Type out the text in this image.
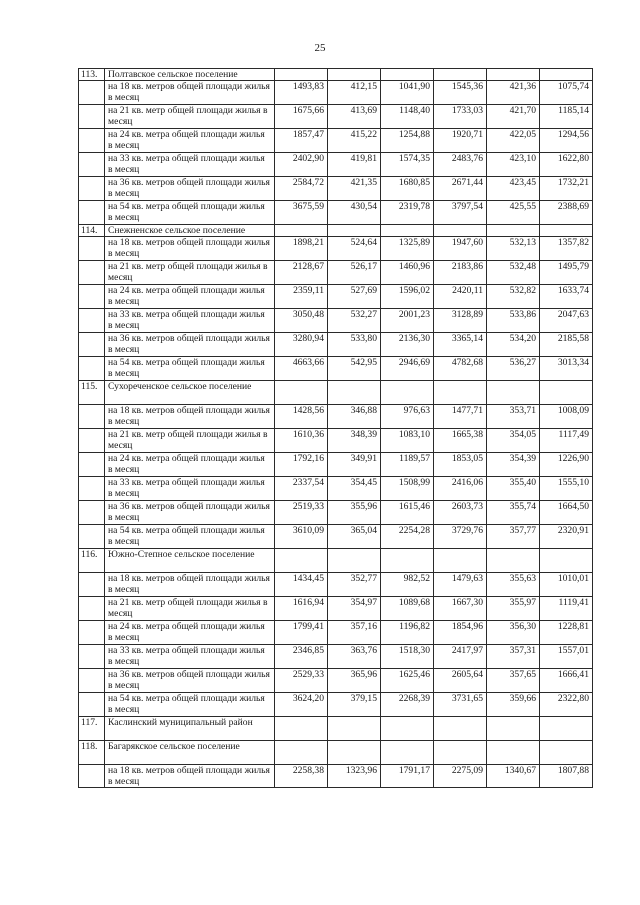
25
113.	Полтавское сельское поселение						
	на 18 кв. метров общей площади жилья в месяц	1493,83	412,15	1041,90	1545,36	421,36	1075,74
	на 21 кв. метр общей площади жилья в месяц	1675,66	413,69	1148,40	1733,03	421,70	1185,14
	на 24 кв. метра общей площади жилья в месяц	1857,47	415,22	1254,88	1920,71	422,05	1294,56
	на 33 кв. метра общей площади жилья в месяц	2402,90	419,81	1574,35	2483,76	423,10	1622,80
	на 36 кв. метров общей площади жилья в месяц	2584,72	421,35	1680,85	2671,44	423,45	1732,21
	на 54 кв. метра общей площади жилья в месяц	3675,59	430,54	2319,78	3797,54	425,55	2388,69
114.	Снежненское сельское поселение						
	на 18 кв. метров общей площади жилья в месяц	1898,21	524,64	1325,89	1947,60	532,13	1357,82
	на 21 кв. метр общей площади жилья в месяц	2128,67	526,17	1460,96	2183,86	532,48	1495,79
	на 24 кв. метра общей площади жилья в месяц	2359,11	527,69	1596,02	2420,11	532,82	1633,74
	на 33 кв. метра общей площади жилья в месяц	3050,48	532,27	2001,23	3128,89	533,86	2047,63
	на 36 кв. метров общей площади жилья в месяц	3280,94	533,80	2136,30	3365,14	534,20	2185,58
	на 54 кв. метра общей площади жилья в месяц	4663,66	542,95	2946,69	4782,68	536,27	3013,34
115.	Сухореченское сельское поселение						
	на 18 кв. метров общей площади жилья в месяц	1428,56	346,88	976,63	1477,71	353,71	1008,09
	на 21 кв. метр общей площади жилья в месяц	1610,36	348,39	1083,10	1665,38	354,05	1117,49
	на 24 кв. метра общей площади жилья в месяц	1792,16	349,91	1189,57	1853,05	354,39	1226,90
	на 33 кв. метра общей площади жилья в месяц	2337,54	354,45	1508,99	2416,06	355,40	1555,10
	на 36 кв. метров общей площади жилья в месяц	2519,33	355,96	1615,46	2603,73	355,74	1664,50
	на 54 кв. метра общей площади жилья в месяц	3610,09	365,04	2254,28	3729,76	357,77	2320,91
116.	Южно-Степное сельское поселение						
	на 18 кв. метров общей площади жилья в месяц	1434,45	352,77	982,52	1479,63	355,63	1010,01
	на 21 кв. метр общей площади жилья в месяц	1616,94	354,97	1089,68	1667,30	355,97	1119,41
	на 24 кв. метра общей площади жилья в месяц	1799,41	357,16	1196,82	1854,96	356,30	1228,81
	на 33 кв. метра общей площади жилья в месяц	2346,85	363,76	1518,30	2417,97	357,31	1557,01
	на 36 кв. метров общей площади жилья в месяц	2529,33	365,96	1625,46	2605,64	357,65	1666,41
	на 54 кв. метра общей площади жилья в месяц	3624,20	379,15	2268,39	3731,65	359,66	2322,80
117.	Каслинский муниципальный район						
118.	Багарякское сельское поселение						
	на 18 кв. метров общей площади жилья в месяц	2258,38	1323,96	1791,17	2275,09	1340,67	1807,88
